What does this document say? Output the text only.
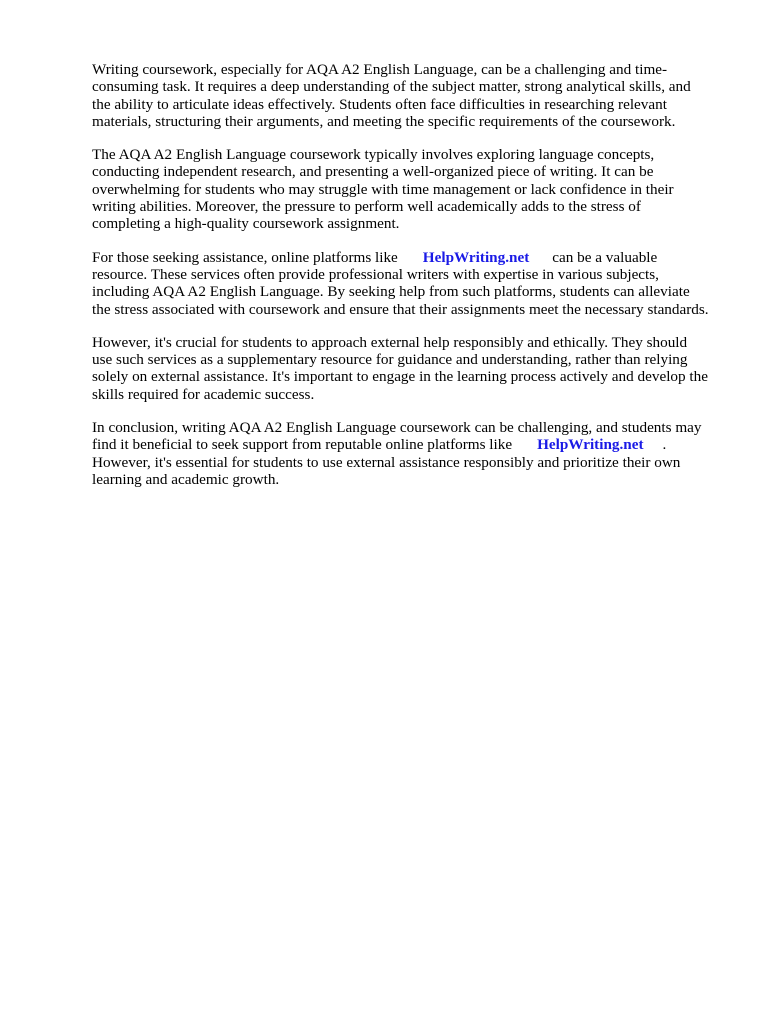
Writing coursework, especially for AQA A2 English Language, can be a challenging and time-
consuming task. It requires a deep understanding of the subject matter, strong analytical skills, and
the ability to articulate ideas effectively. Students often face difficulties in researching relevant
materials, structuring their arguments, and meeting the specific requirements of the coursework.
The AQA A2 English Language coursework typically involves exploring language concepts,
conducting independent research, and presenting a well-organized piece of writing. It can be
overwhelming for students who may struggle with time management or lack confidence in their
writing abilities. Moreover, the pressure to perform well academically adds to the stress of
completing a high-quality coursework assignment.
For those seeking assistance, online platforms like HelpWriting.net can be a valuable
resource. These services often provide professional writers with expertise in various subjects,
including AQA A2 English Language. By seeking help from such platforms, students can alleviate
the stress associated with coursework and ensure that their assignments meet the necessary standards.
However, it's crucial for students to approach external help responsibly and ethically. They should
use such services as a supplementary resource for guidance and understanding, rather than relying
solely on external assistance. It's important to engage in the learning process actively and develop the
skills required for academic success.
In conclusion, writing AQA A2 English Language coursework can be challenging, and students may
find it beneficial to seek support from reputable online platforms like HelpWriting.net .
However, it's essential for students to use external assistance responsibly and prioritize their own
learning and academic growth.
